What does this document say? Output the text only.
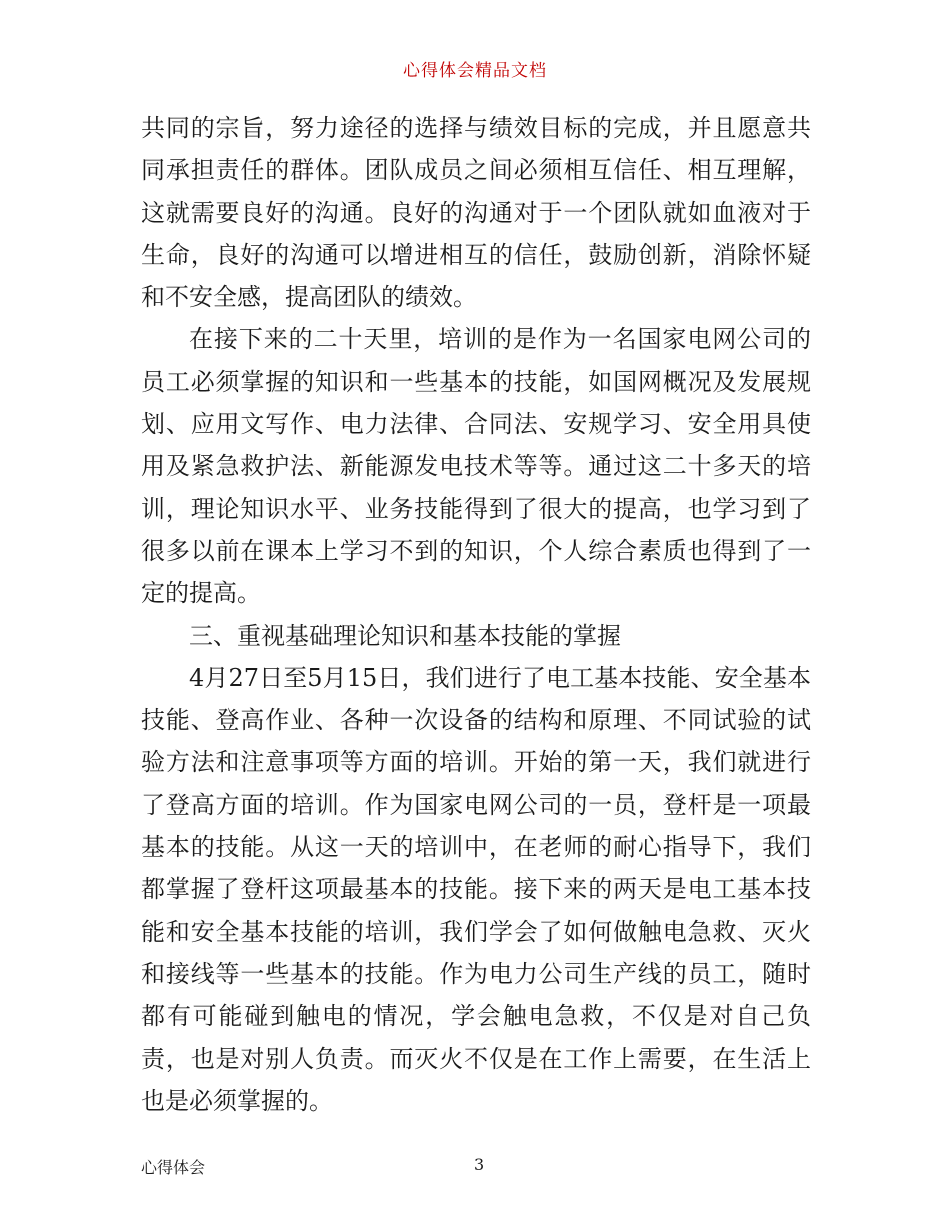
心得体会精品文档

共同的宗旨，努力途径的选择与绩效目标的完成，并且愿意共同承担责任的群体。团队成员之间必须相互信任、相互理解，这就需要良好的沟通。良好的沟通对于一个团队就如血液对于生命，良好的沟通可以增进相互的信任，鼓励创新，消除怀疑和不安全感，提高团队的绩效。

在接下来的二十天里，培训的是作为一名国家电网公司的员工必须掌握的知识和一些基本的技能，如国网概况及发展规划、应用文写作、电力法律、合同法、安规学习、安全用具使用及紧急救护法、新能源发电技术等等。通过这二十多天的培训，理论知识水平、业务技能得到了很大的提高，也学习到了很多以前在课本上学习不到的知识，个人综合素质也得到了一定的提高。

三、重视基础理论知识和基本技能的掌握

4月27日至5月15日，我们进行了电工基本技能、安全基本技能、登高作业、各种一次设备的结构和原理、不同试验的试验方法和注意事项等方面的培训。开始的第一天，我们就进行了登高方面的培训。作为国家电网公司的一员，登杆是一项最基本的技能。从这一天的培训中，在老师的耐心指导下，我们都掌握了登杆这项最基本的技能。接下来的两天是电工基本技能和安全基本技能的培训，我们学会了如何做触电急救、灭火和接线等一些基本的技能。作为电力公司生产线的员工，随时都有可能碰到触电的情况，学会触电急救，不仅是对自己负责，也是对别人负责。而灭火不仅是在工作上需要，在生活上也是必须掌握的。

心得体会	3
